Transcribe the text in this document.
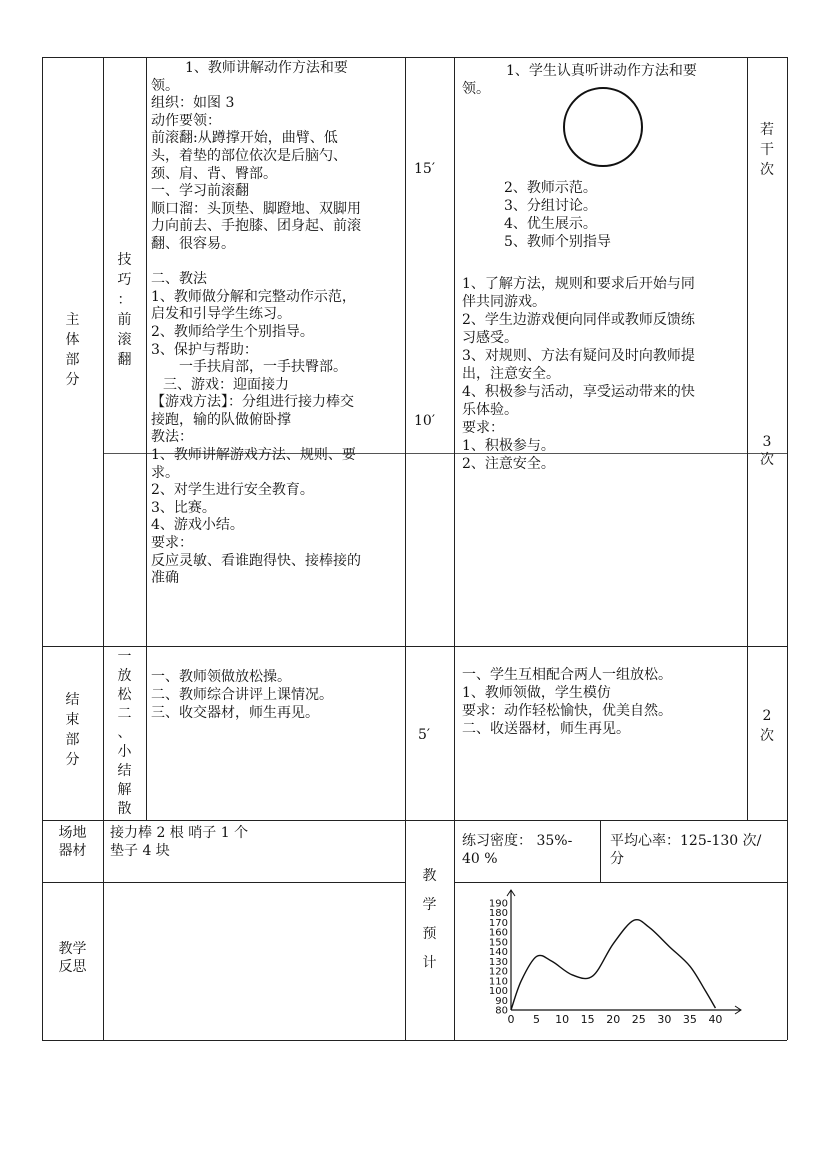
主
体
部
分
技
巧
：
前
滚
翻
1、教师讲解动作方法和要
领。
组织：如图 3
动作要领：
前滚翻:从蹲撑开始，曲臂、低
头，着垫的部位依次是后脑勺、
颈、肩、背、臀部。
一、学习前滚翻
顺口溜：头顶垫、脚蹬地、双脚用
力向前去、手抱膝、团身起、前滚
翻、很容易。

二、教法
1、教师做分解和完整动作示范，
启发和引导学生练习。
2、教师给学生个别指导。
3、保护与帮助：
一手扶肩部，一手扶臀部。
三、游戏：迎面接力
【游戏方法】：分组进行接力棒交
接跑，输的队做俯卧撑
教法：
1、教师讲解游戏方法、规则、要
求。
2、对学生进行安全教育。
3、比赛。
4、游戏小结。
要求：
反应灵敏、看谁跑得快、接棒接的
准确
15′
10′
1、学生认真听讲动作方法和要
领。
2、教师示范。
3、分组讨论。
4、优生展示。
5、教师个别指导
1、了解方法，规则和要求后开始与同
伴共同游戏。
2、学生边游戏便向同伴或教师反馈练
习感受。
3、对规则、方法有疑问及时向教师提
出，注意安全。
4、积极参与活动，享受运动带来的快
乐体验。
要求：
1、积极参与。
2、注意安全。
若
干
次
3
次
结
束
部
分
一
放
松
二
、
小
结
解
散
一、教师领做放松操。
二、教师综合讲评上课情况。
三、收交器材，师生再见。
5′
一、学生互相配合两人一组放松。
1、教师领做，学生模仿
要求：动作轻松愉快，优美自然。
二、收送器材，师生再见。
2
次
场地
器材
接力棒 2 根 哨子 1 个
垫子 4 块
教学
反思
教
学
预
计
练习密度： 35%-
40 %
平均心率：125-130 次/
分
80
90
100
110
120
130
140
150
160
170
180
190
0 5 10 15 20 25 30 35 40
